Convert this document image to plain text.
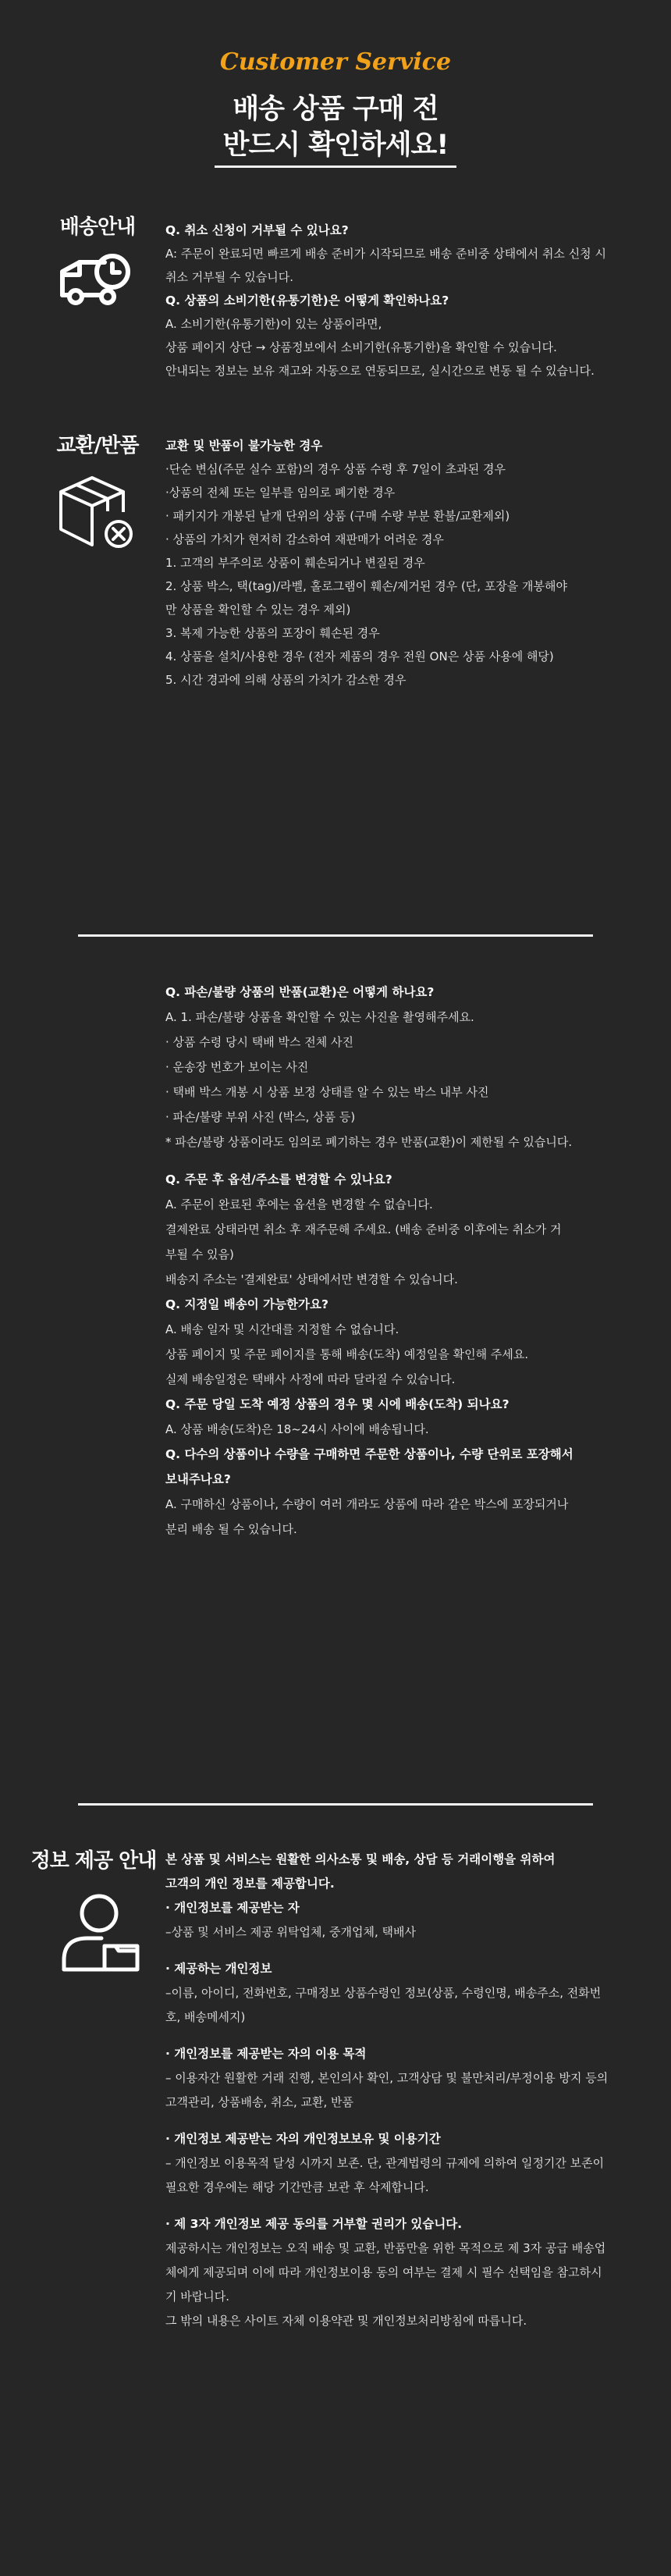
Customer Service
배송 상품 구매 전
반드시 확인하세요!
배송안내	Q. 취소 신청이 거부될 수 있나요?
A: 주문이 완료되면 빠르게 배송 준비가 시작되므로 배송 준비중 상태에서 취소 신청 시
취소 거부될 수 있습니다.
Q. 상품의 소비기한(유통기한)은 어떻게 확인하나요?
A. 소비기한(유통기한)이 있는 상품이라면,
상품 페이지 상단 → 상품정보에서 소비기한(유통기한)을 확인할 수 있습니다.
안내되는 정보는 보유 재고와 자동으로 연동되므로, 실시간으로 변동 될 수 있습니다.
교환/반품	교환 및 반품이 불가능한 경우
·단순 변심(주문 실수 포함)의 경우 상품 수령 후 7일이 초과된 경우
·상품의 전체 또는 일부를 임의로 폐기한 경우
· 패키지가 개봉된 낱개 단위의 상품 (구매 수량 부분 환불/교환제외)
· 상품의 가치가 현저히 감소하여 재판매가 어려운 경우
1. 고객의 부주의로 상품이 훼손되거나 변질된 경우
2. 상품 박스, 택(tag)/라벨, 홀로그램이 훼손/제거된 경우 (단, 포장을 개봉해야
만 상품을 확인할 수 있는 경우 제외)
3. 복제 가능한 상품의 포장이 훼손된 경우
4. 상품을 설치/사용한 경우 (전자 제품의 경우 전원 ON은 상품 사용에 해당)
5. 시간 경과에 의해 상품의 가치가 감소한 경우
Q. 파손/불량 상품의 반품(교환)은 어떻게 하나요?
A. 1. 파손/불량 상품을 확인할 수 있는 사진을 촬영해주세요.
· 상품 수령 당시 택배 박스 전체 사진
· 운송장 번호가 보이는 사진
· 택배 박스 개봉 시 상품 보정 상태를 알 수 있는 박스 내부 사진
· 파손/불량 부위 사진 (박스, 상품 등)
* 파손/불량 상품이라도 임의로 폐기하는 경우 반품(교환)이 제한될 수 있습니다.
Q. 주문 후 옵션/주소를 변경할 수 있나요?
A. 주문이 완료된 후에는 옵션을 변경할 수 없습니다.
결제완료 상태라면 취소 후 재주문해 주세요. (배송 준비중 이후에는 취소가 거
부될 수 있음)
배송지 주소는 '결제완료' 상태에서만 변경할 수 있습니다.
Q. 지정일 배송이 가능한가요?
A. 배송 일자 및 시간대를 지정할 수 없습니다.
상품 페이지 및 주문 페이지를 통해 배송(도착) 예정일을 확인해 주세요.
실제 배송일정은 택배사 사정에 따라 달라질 수 있습니다.
Q. 주문 당일 도착 예정 상품의 경우 몇 시에 배송(도착) 되나요?
A. 상품 배송(도착)은 18~24시 사이에 배송됩니다.
Q. 다수의 상품이나 수량을 구매하면 주문한 상품이나, 수량 단위로 포장해서
보내주나요?
A. 구매하신 상품이나, 수량이 여러 개라도 상품에 따라 같은 박스에 포장되거나
분리 배송 될 수 있습니다.
정보 제공 안내 본 상품 및 서비스는 원활한 의사소통 및 배송, 상담 등 거래이행을 위하여
고객의 개인 정보를 제공합니다.
· 개인정보를 제공받는 자
–상품 및 서비스 제공 위탁업체, 중개업체, 택배사
· 제공하는 개인정보
–이름, 아이디, 전화번호, 구매정보 상품수령인 정보(상품, 수령인명, 배송주소, 전화번
호, 배송메세지)
· 개인정보를 제공받는 자의 이용 목적
– 이용자간 원활한 거래 진행, 본인의사 확인, 고객상담 및 불만처리/부정이용 방지 등의
고객관리, 상품배송, 취소, 교환, 반품
· 개인정보 제공받는 자의 개인정보보유 및 이용기간
– 개인정보 이용목적 달성 시까지 보존. 단, 관계법령의 규제에 의하여 일정기간 보존이
필요한 경우에는 해당 기간만큼 보관 후 삭제합니다.
· 제 3자 개인정보 제공 동의를 거부할 권리가 있습니다.
제공하시는 개인정보는 오직 배송 및 교환, 반품만을 위한 목적으로 제 3자 공급 배송업
체에게 제공되며 이에 따라 개인정보이용 동의 여부는 결제 시 필수 선택임을 참고하시
기 바랍니다.
그 밖의 내용은 사이트 자체 이용약관 및 개인정보처리방침에 따릅니다.
